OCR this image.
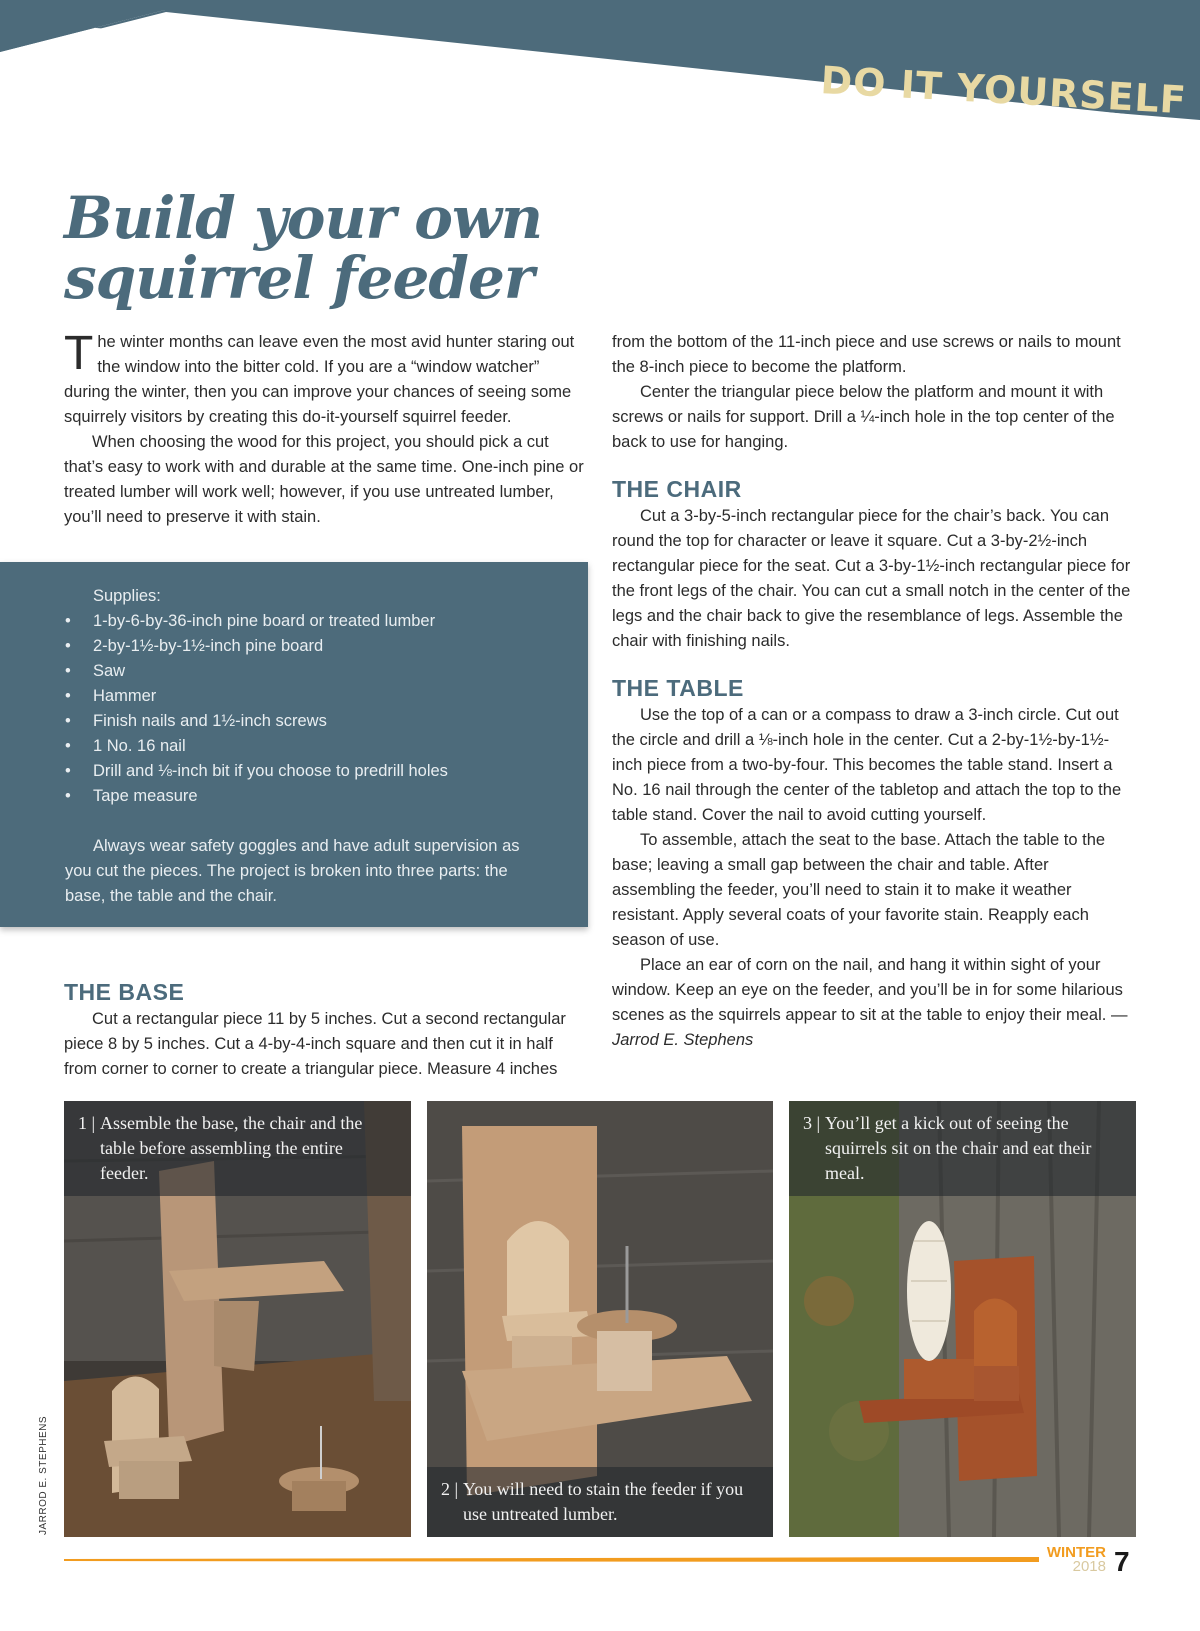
DO IT YOURSELF
Build your own
squirrel feeder

The winter months can leave even the most avid hunter staring out the window into the bitter cold. If you are a “window watcher” during the winter, then you can improve your chances of seeing some squirrely visitors by creating this do-it-yourself squirrel feeder.

When choosing the wood for this project, you should pick a cut that’s easy to work with and durable at the same time. One-inch pine or treated lumber will work well; however, if you use untreated lumber, you’ll need to preserve it with stain.

Supplies:
• 1-by-6-by-36-inch pine board or treated lumber
• 2-by-1½-by-1½-inch pine board
• Saw
• Hammer
• Finish nails and 1½-inch screws
• 1 No. 16 nail
• Drill and ⅛-inch bit if you choose to predrill holes
• Tape measure

Always wear safety goggles and have adult supervision as you cut the pieces. The project is broken into three parts: the base, the table and the chair.

THE BASE

Cut a rectangular piece 11 by 5 inches. Cut a second rectangular piece 8 by 5 inches. Cut a 4-by-4-inch square and then cut it in half from corner to corner to create a triangular piece. Measure 4 inches

from the bottom of the 11-inch piece and use screws or nails to mount the 8-inch piece to become the platform.

Center the triangular piece below the platform and mount it with screws or nails for support. Drill a ¼-inch hole in the top center of the back to use for hanging.

THE CHAIR

Cut a 3-by-5-inch rectangular piece for the chair’s back. You can round the top for character or leave it square. Cut a 3-by-2½-inch rectangular piece for the seat. Cut a 3-by-1½-inch rectangular piece for the front legs of the chair. You can cut a small notch in the center of the legs and the chair back to give the resemblance of legs. Assemble the chair with finishing nails.

THE TABLE

Use the top of a can or a compass to draw a 3-inch circle. Cut out the circle and drill a ⅛-inch hole in the center. Cut a 2-by-1½-by-1½-inch piece from a two-by-four. This becomes the table stand. Insert a No. 16 nail through the center of the tabletop and attach the top to the table stand. Cover the nail to avoid cutting yourself.

To assemble, attach the seat to the base. Attach the table to the base; leaving a small gap between the chair and table. After assembling the feeder, you’ll need to stain it to make it weather resistant. Apply several coats of your favorite stain. Reapply each season of use.

Place an ear of corn on the nail, and hang it within sight of your window. Keep an eye on the feeder, and you’ll be in for some hilarious scenes as the squirrels appear to sit at the table to enjoy their meal. — Jarrod E. Stephens

1 | Assemble the base, the chair and the table before assembling the entire feeder.
2 | You will need to stain the feeder if you use untreated lumber.
3 | You’ll get a kick out of seeing the squirrels sit on the chair and eat their meal.
JARROD E. STEPHENS
WINTER
2018 7
